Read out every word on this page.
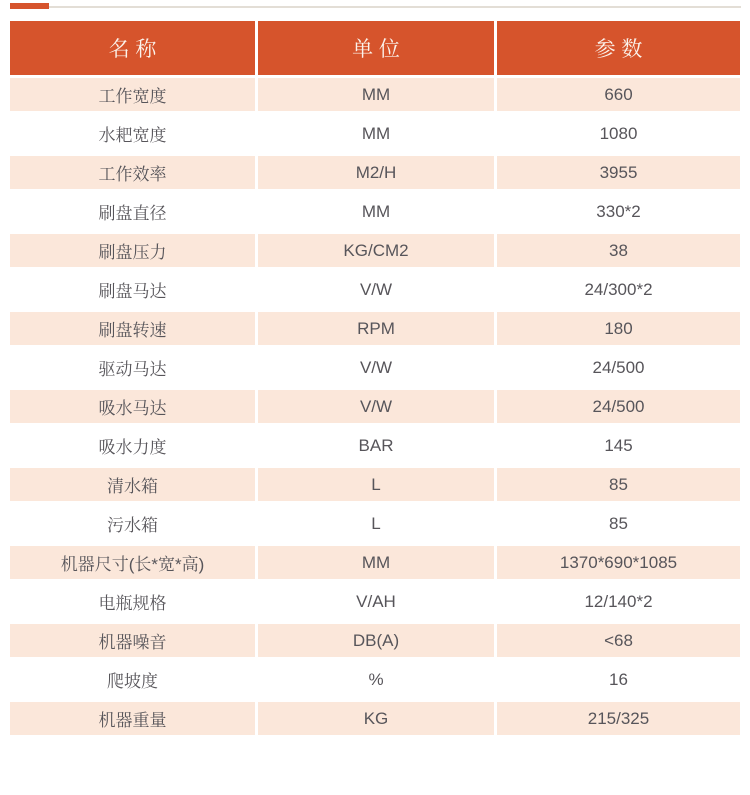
名 称	单 位	参 数
工作宽度	MM	660
水耙宽度	MM	1080
工作效率	M2/H	3955
刷盘直径	MM	330*2
刷盘压力	KG/CM2	38
刷盘马达	V/W	24/300*2
刷盘转速	RPM	180
驱动马达	V/W	24/500
吸水马达	V/W	24/500
吸水力度	BAR	145
清水箱	L	85
污水箱	L	85
机器尺寸(长*宽*高)	MM	1370*690*1085
电瓶规格	V/AH	12/140*2
机器噪音	DB(A)	<68
爬坡度	%	16
机器重量	KG	215/325
